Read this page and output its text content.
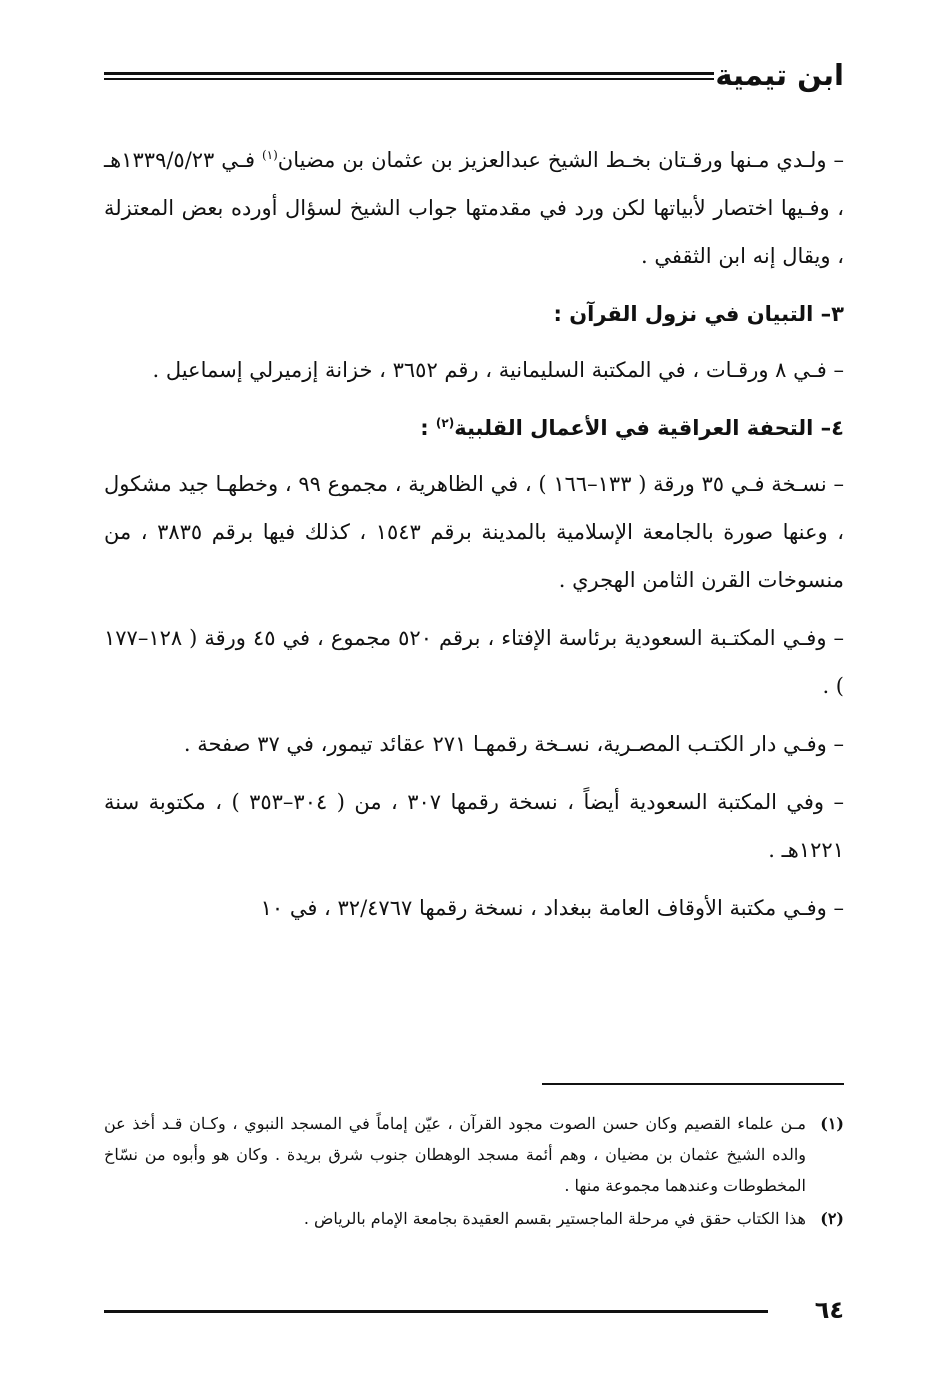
ابن تيمية

– ولـدي مـنها ورقـتان بخـط الشيخ عبدالعزيز بن عثمان بن مضيان$^{(١)}$ فـي ١٣٣٩/٥/٢٣هـ ، وفـيها اختصار لأبياتها لكن ورد في مقدمتها جواب الشيخ لسؤال أورده بعض المعتزلة ، ويقال إنه ابن الثقفي .

٣– التبيان في نزول القرآن :

– فـي ٨ ورقـات ، في المكتبة السليمانية ، رقم ٣٦٥٢ ، خزانة إزميرلي إسماعيل .

٤– التحفة العراقية في الأعمال القلبية$^{(٢)}$ :

– نسـخة فـي ٣٥ ورقة ( ١٣٣–١٦٦ ) ، في الظاهرية ، مجموع ٩٩ ، وخطهـا جيد مشكول ، وعنها صورة بالجامعة الإسلامية بالمدينة برقم ١٥٤٣ ، كذلك فيها برقم ٣٨٣٥ ، من منسوخات القرن الثامن الهجري .

– وفـي المكتـبة السعودية برئاسة الإفتاء ، برقم ٥٢٠ مجموع ، في ٤٥ ورقة ( ١٢٨–١٧٧ ) .

– وفـي دار الكتـب المصـرية، نسـخة رقمهـا ٢٧١ عقائد تيمور، في ٣٧ صفحة .

– وفي المكتبة السعودية أيضاً ، نسخة رقمها ٣٠٧ ، من ( ٣٠٤–٣٥٣ ) ، مكتوبة سنة ١٢٢١هـ .

– وفـي مكتبة الأوقاف العامة ببغداد ، نسخة رقمها ٣٢/٤٧٦٧ ، في ١٠

(١)
مـن علماء القصيم وكان حسن الصوت مجود القرآن ، عيّن إماماً في المسجد النبوي ، وكـان قـد أخذ عن والده الشيخ عثمان بن مضيان ، وهم أئمة مسجد الوهطان جنوب شرق بريدة . وكان هو وأبوه من نسّاخ المخطوطات وعندهما مجموعة منها .
(٢)
هذا الكتاب حقق في مرحلة الماجستير بقسم العقيدة بجامعة الإمام بالرياض .
٦٤
